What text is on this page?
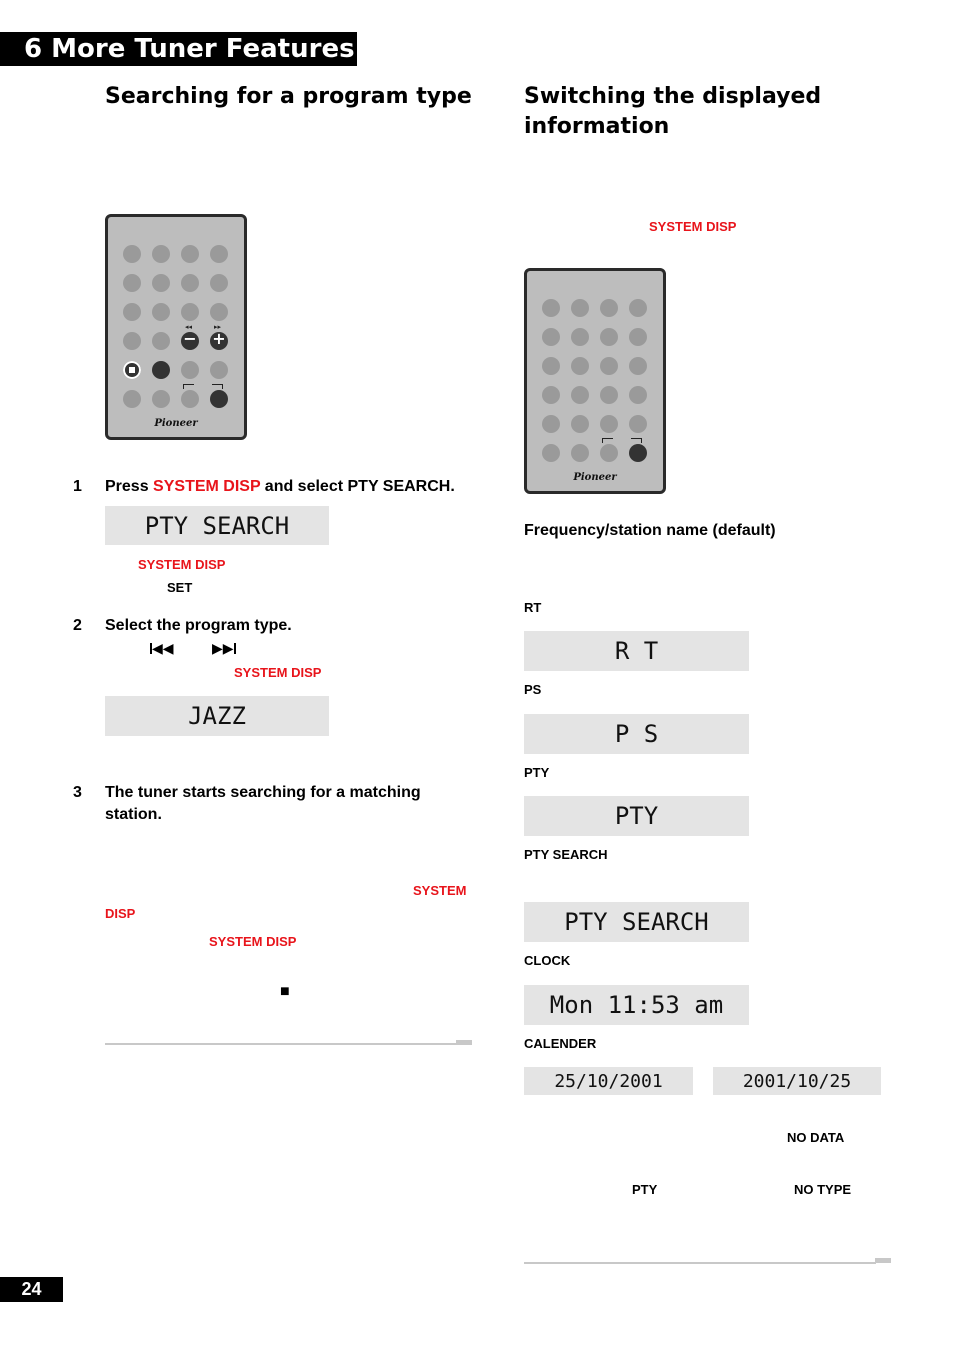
6 More Tuner Features
Searching for a program type
◂◂	▸▸
−
+
Pioneer
1 Press SYSTEM DISP and select PTY SEARCH.
PTY SEARCH
SYSTEM DISP
SET
2 Select the program type.
◀◀	▶▶
SYSTEM DISP
JAZZ
3 The tuner starts searching for a matching
station.
SYSTEM
DISP
SYSTEM DISP
■
Switching the displayed
information
SYSTEM DISP
Pioneer
Frequency/station name (default)
RT
R T
PS
P S
PTY
PTY
PTY SEARCH
PTY SEARCH
CLOCK
Mon 11:53 am
CALENDER
25/10/2001	2001/10/25
NO DATA
PTY	NO TYPE
24
